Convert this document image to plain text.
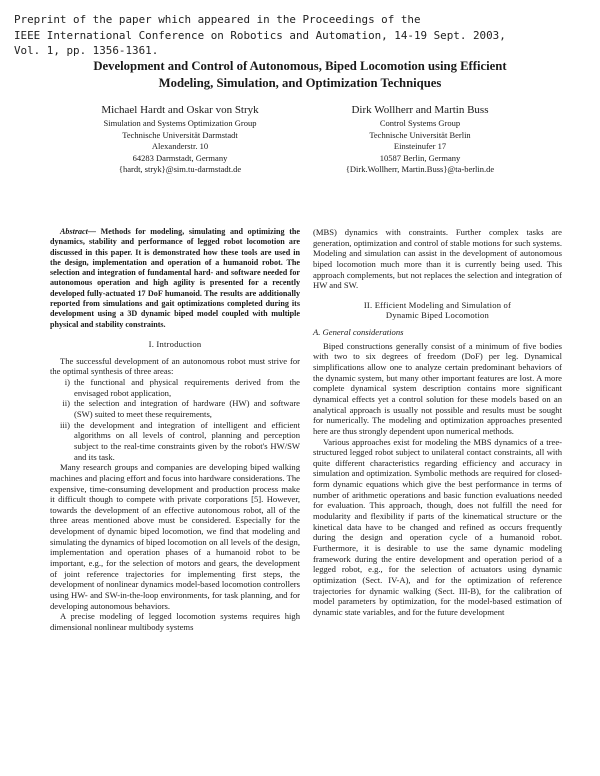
Preprint of the paper which appeared in the Proceedings of the
IEEE International Conference on Robotics and Automation, 14-19 Sept. 2003,
Vol. 1, pp. 1356-1361.
Development and Control of Autonomous, Biped Locomotion using Efficient
Modeling, Simulation, and Optimization Techniques
Michael Hardt and Oskar von Stryk
Simulation and Systems Optimization Group
Technische Universität Darmstadt
Alexanderstr. 10
64283 Darmstadt, Germany
{hardt, stryk}@sim.tu-darmstadt.de
Dirk Wollherr and Martin Buss
Control Systems Group
Technische Universität Berlin
Einsteinufer 17
10587 Berlin, Germany
{Dirk.Wollherr, Martin.Buss}@ta-berlin.de

Abstract— Methods for modeling, simulating and optimizing the dynamics, stability and performance of legged robot locomotion are discussed in this paper. It is demonstrated how these tools are used in the design, implementation and operation of a humanoid robot. The selection and integration of fundamental hard- and software needed for autonomous operation and high agility is presented for a recently developed fully-actuated 17 DoF humanoid. The results are additionally reported from simulations and gait optimizations completed during its development using a 3D dynamic biped model coupled with multiple physical and stability constraints.

I. Introduction

The successful development of an autonomous robot must strive for the optimal synthesis of three areas:

i) the functional and physical requirements derived from the envisaged robot application,
ii) the selection and integration of hardware (HW) and software (SW) suited to meet these requirements,
iii) the development and integration of intelligent and efficient algorithms on all levels of control, planning and perception subject to the real-time constraints given by the robot's HW/SW and its task.

Many research groups and companies are developing biped walking machines and placing effort and focus into hardware considerations. The expensive, time-consuming development and production process make it difficult though to compete with private corporations [5]. However, towards the development of an effective autonomous robot, all of the three areas mentioned above must be considered. Especially for the development of dynamic biped locomotion, we find that modeling and simulating the dynamics of biped locomotion on all levels of the design, implementation and operation phases of a humanoid robot to be important, e.g., for the selection of motors and gears, the development of joint reference trajectories for implementing first steps, the development of nonlinear dynamics model-based locomotion controllers using HW- and SW-in-the-loop environments, for task planning, and for developing autonomous behaviors.

A precise modeling of legged locomotion systems requires high dimensional nonlinear multibody systems

(MBS) dynamics with constraints. Further complex tasks are generation, optimization and control of stable motions for such systems. Modeling and simulation can assist in the development of autonomous biped locomotion much more than it is currently being used. This approach complements, but not replaces the selection and integration of HW and SW.

II. Efficient Modeling and Simulation of
Dynamic Biped Locomotion
A. General considerations

Biped constructions generally consist of a minimum of five bodies with two to six degrees of freedom (DoF) per leg. Dynamical simplifications allow one to analyze certain predominant behaviors of the dynamic system, but many other important features are lost. A more complete dynamical system description contains more significant dynamical effects yet a control solution for these models based on an analytical approach is usually not possible and results must be sought for numerically. The modeling and optimization approaches presented here are thus strongly dependent upon numerical methods.

Various approaches exist for modeling the MBS dynamics of a tree-structured legged robot subject to unilateral contact constraints, all with quite different characteristics regarding efficiency and accuracy in simulation and optimization. Symbolic methods are required for closed-form dynamic equations which give the best performance in terms of number of arithmetic operations and basic function evaluations needed for evaluation. This approach, though, does not fulfill the need for modularity and flexibility if parts of the kinematical structure or the kinetical data have to be changed and refined as occurs frequently during the design and operation cycle of a humanoid robot. Furthermore, it is desirable to use the same dynamic modeling framework during the entire development and operation period of a legged robot, e.g., for the selection of actuators using dynamic optimization (Sect. IV-A), and for the optimization of reference trajectories for dynamic walking (Sect. III-B), for the calibration of model parameters by optimization, for the model-based estimation of dynamic state variables, and for the future development
